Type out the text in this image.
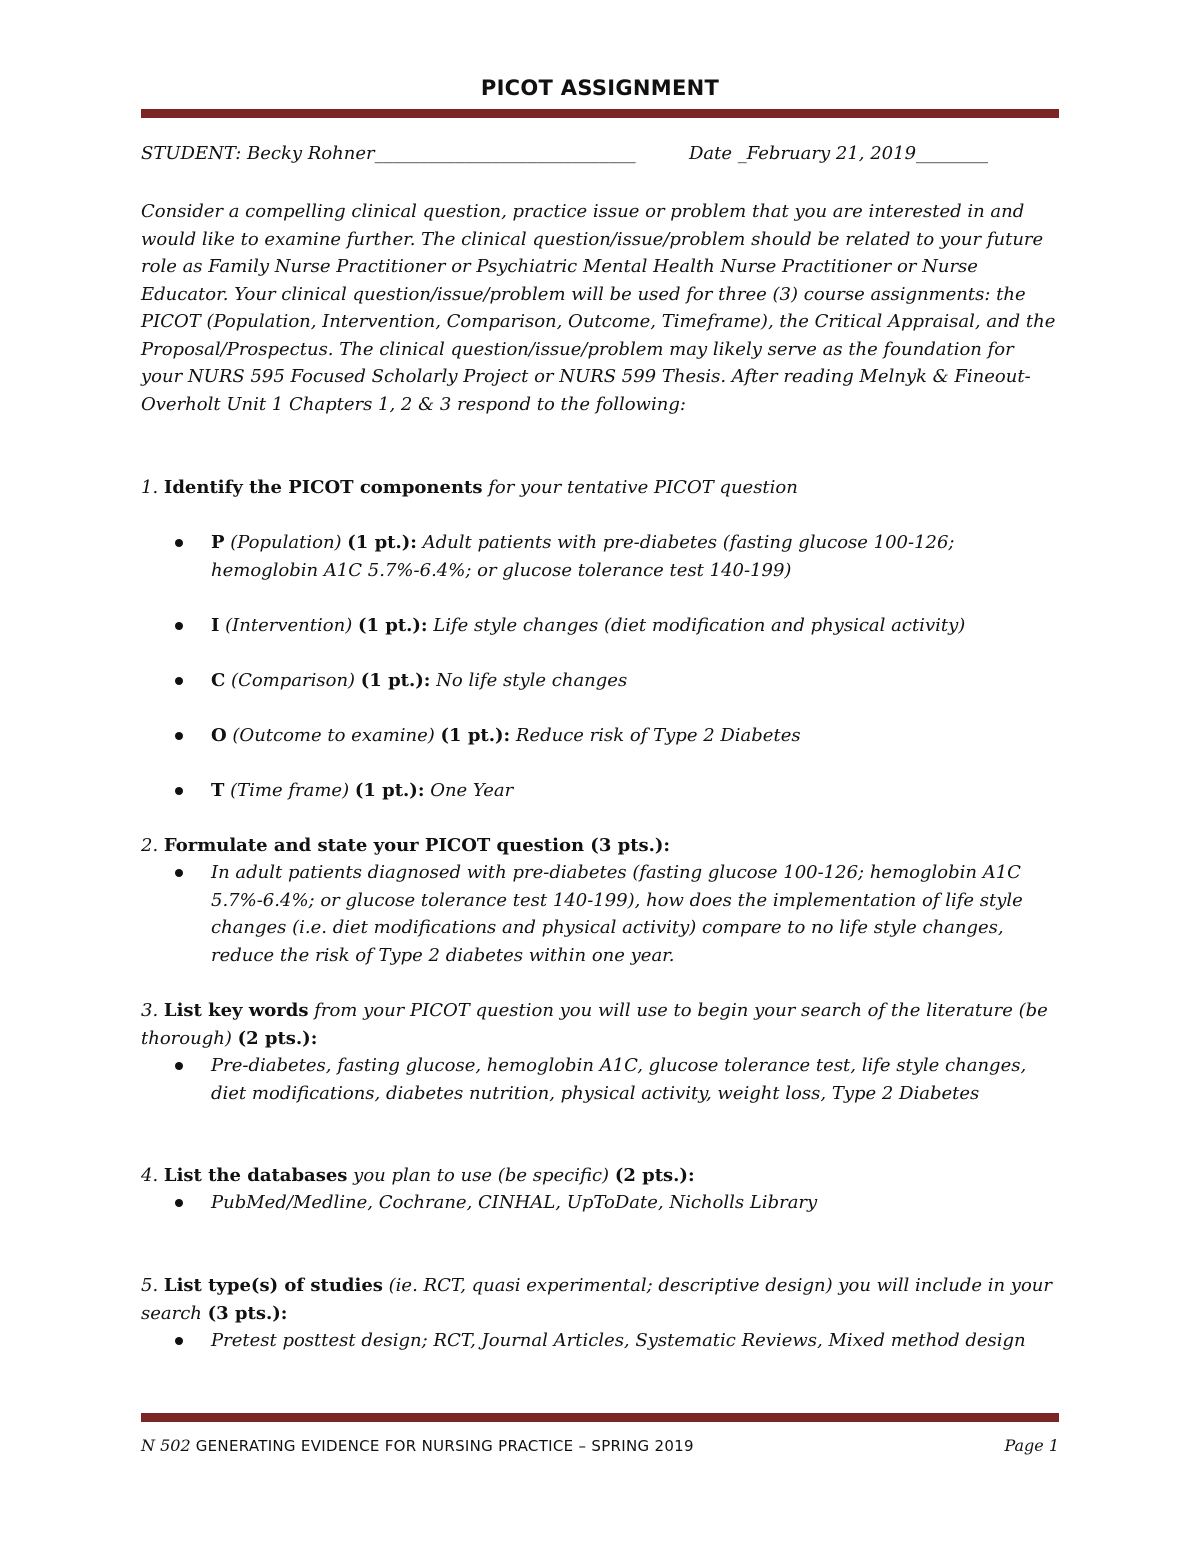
PICOT ASSIGNMENT
STUDENT: Becky Rohner_____________________________	Date _February 21, 2019________
Consider a compelling clinical question, practice issue or problem that you are interested in and would like to examine further. The clinical question/issue/problem should be related to your future role as Family Nurse Practitioner or Psychiatric Mental Health Nurse Practitioner or Nurse Educator. Your clinical question/issue/problem will be used for three (3) course assignments: the PICOT (Population, Intervention, Comparison, Outcome, Timeframe), the Critical Appraisal, and the Proposal/Prospectus. The clinical question/issue/problem may likely serve as the foundation for your NURS 595 Focused Scholarly Project or NURS 599 Thesis. After reading Melnyk & Fineout-Overholt Unit 1 Chapters 1, 2 & 3 respond to the following:
1. Identify the PICOT components for your tentative PICOT question
P (Population) (1 pt.): Adult patients with pre-diabetes (fasting glucose 100-126; hemoglobin A1C 5.7%-6.4%; or glucose tolerance test 140-199)
I (Intervention) (1 pt.): Life style changes (diet modification and physical activity)
C (Comparison) (1 pt.): No life style changes
O (Outcome to examine) (1 pt.): Reduce risk of Type 2 Diabetes
T (Time frame) (1 pt.): One Year
2. Formulate and state your PICOT question (3 pts.):
In adult patients diagnosed with pre-diabetes (fasting glucose 100-126; hemoglobin A1C 5.7%-6.4%; or glucose tolerance test 140-199), how does the implementation of life style changes (i.e. diet modifications and physical activity) compare to no life style changes, reduce the risk of Type 2 diabetes within one year.
3. List key words from your PICOT question you will use to begin your search of the literature (be thorough) (2 pts.):
Pre-diabetes, fasting glucose, hemoglobin A1C, glucose tolerance test, life style changes, diet modifications, diabetes nutrition, physical activity, weight loss, Type 2 Diabetes
4. List the databases you plan to use (be specific) (2 pts.):
PubMed/Medline, Cochrane, CINHAL, UpToDate, Nicholls Library
5. List type(s) of studies (ie. RCT, quasi experimental; descriptive design) you will include in your search (3 pts.):
Pretest posttest design; RCT, Journal Articles, Systematic Reviews, Mixed method design
N 502 GENERATING EVIDENCE FOR NURSING PRACTICE – SPRING 2019	Page 1
